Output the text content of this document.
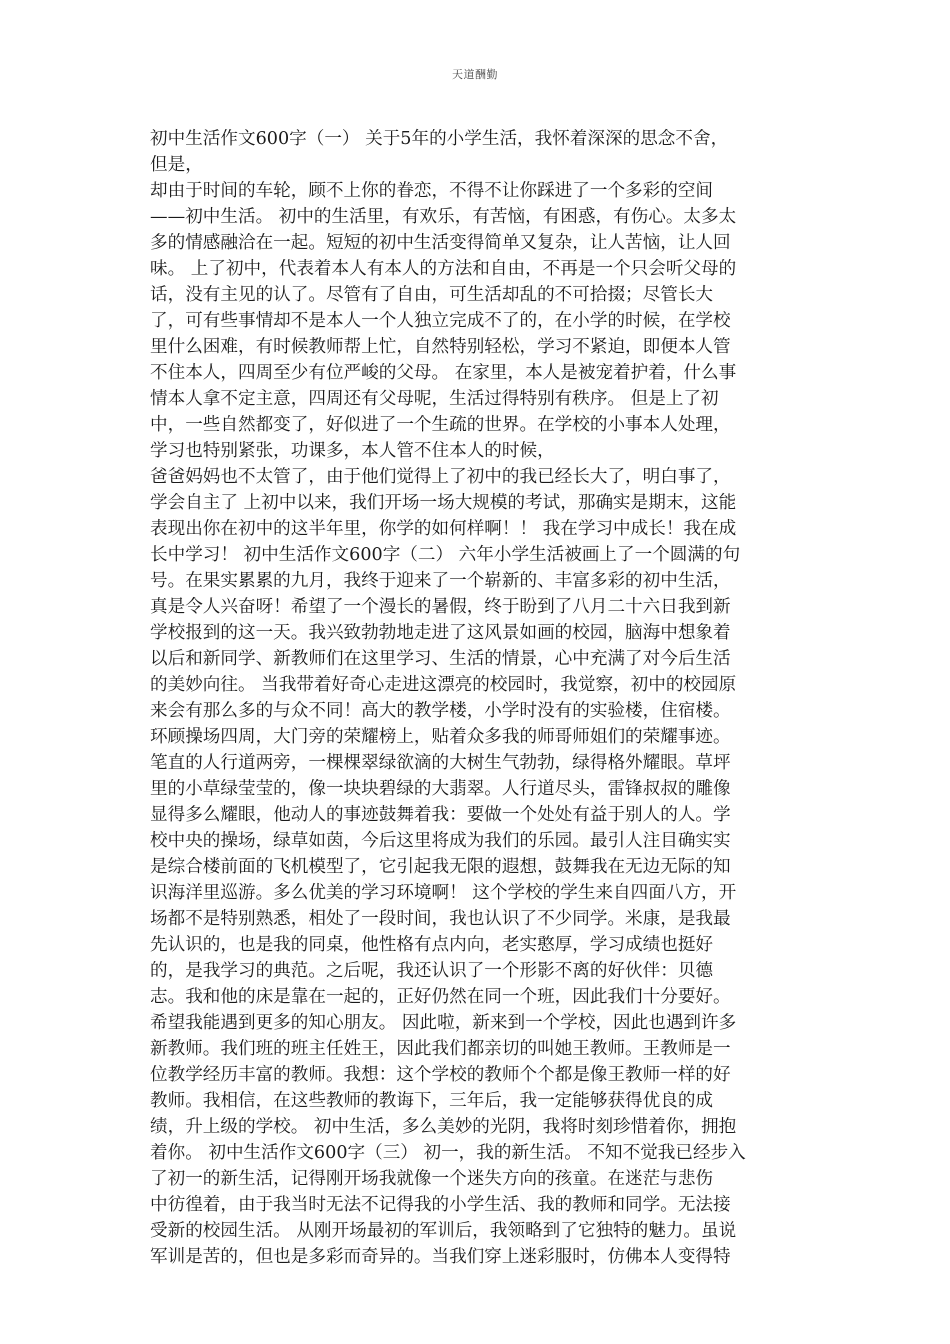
天道酬勤
初中生活作文600字（一） 关于5年的小学生活，我怀着深深的思念不舍，
但是，
却由于时间的车轮，顾不上你的眷恋，不得不让你踩进了一个多彩的空间
——初中生活。 初中的生活里，有欢乐，有苦恼，有困惑，有伤心。太多太
多的情感融洽在一起。短短的初中生活变得简单又复杂，让人苦恼，让人回
味。 上了初中，代表着本人有本人的方法和自由，不再是一个只会听父母的
话，没有主见的认了。尽管有了自由，可生活却乱的不可拾掇；尽管长大
了，可有些事情却不是本人一个人独立完成不了的，在小学的时候，在学校
里什么困难，有时候教师帮上忙，自然特别轻松，学习不紧迫，即便本人管
不住本人，四周至少有位严峻的父母。 在家里，本人是被宠着护着，什么事
情本人拿不定主意，四周还有父母呢，生活过得特别有秩序。 但是上了初
中，一些自然都变了，好似进了一个生疏的世界。在学校的小事本人处理，
学习也特别紧张，功课多，本人管不住本人的时候，
爸爸妈妈也不太管了，由于他们觉得上了初中的我已经长大了，明白事了，
学会自主了 上初中以来，我们开场一场大规模的考试，那确实是期末，这能
表现出你在初中的这半年里，你学的如何样啊！！ 我在学习中成长！我在成
长中学习！ 初中生活作文600字（二） 六年小学生活被画上了一个圆满的句
号。在果实累累的九月，我终于迎来了一个崭新的、丰富多彩的初中生活，
真是令人兴奋呀！希望了一个漫长的暑假，终于盼到了八月二十六日我到新
学校报到的这一天。我兴致勃勃地走进了这风景如画的校园，脑海中想象着
以后和新同学、新教师们在这里学习、生活的情景，心中充满了对今后生活
的美妙向往。 当我带着好奇心走进这漂亮的校园时，我觉察，初中的校园原
来会有那么多的与众不同！高大的教学楼，小学时没有的实验楼，住宿楼。
环顾操场四周，大门旁的荣耀榜上，贴着众多我的师哥师姐们的荣耀事迹。
笔直的人行道两旁，一棵棵翠绿欲滴的大树生气勃勃，绿得格外耀眼。草坪
里的小草绿莹莹的，像一块块碧绿的大翡翠。人行道尽头，雷锋叔叔的雕像
显得多么耀眼，他动人的事迹鼓舞着我：要做一个处处有益于别人的人。学
校中央的操场，绿草如茵，今后这里将成为我们的乐园。最引人注目确实实
是综合楼前面的飞机模型了，它引起我无限的遐想，鼓舞我在无边无际的知
识海洋里巡游。多么优美的学习环境啊！ 这个学校的学生来自四面八方，开
场都不是特别熟悉，相处了一段时间，我也认识了不少同学。米康，是我最
先认识的，也是我的同桌，他性格有点内向，老实憨厚，学习成绩也挺好
的，是我学习的典范。之后呢，我还认识了一个形影不离的好伙伴：贝德
志。我和他的床是靠在一起的，正好仍然在同一个班，因此我们十分要好。
希望我能遇到更多的知心朋友。 因此啦，新来到一个学校，因此也遇到许多
新教师。我们班的班主任姓王，因此我们都亲切的叫她王教师。王教师是一
位教学经历丰富的教师。我想：这个学校的教师个个都是像王教师一样的好
教师。我相信，在这些教师的教诲下，三年后，我一定能够获得优良的成
绩，升上级的学校。 初中生活，多么美妙的光阴，我将时刻珍惜着你，拥抱
着你。 初中生活作文600字（三） 初一，我的新生活。 不知不觉我已经步入
了初一的新生活，记得刚开场我就像一个迷失方向的孩童。在迷茫与悲伤
中彷徨着，由于我当时无法不记得我的小学生活、我的教师和同学。无法接
受新的校园生活。 从刚开场最初的军训后，我领略到了它独特的魅力。虽说
军训是苦的，但也是多彩而奇异的。当我们穿上迷彩服时，仿佛本人变得特
